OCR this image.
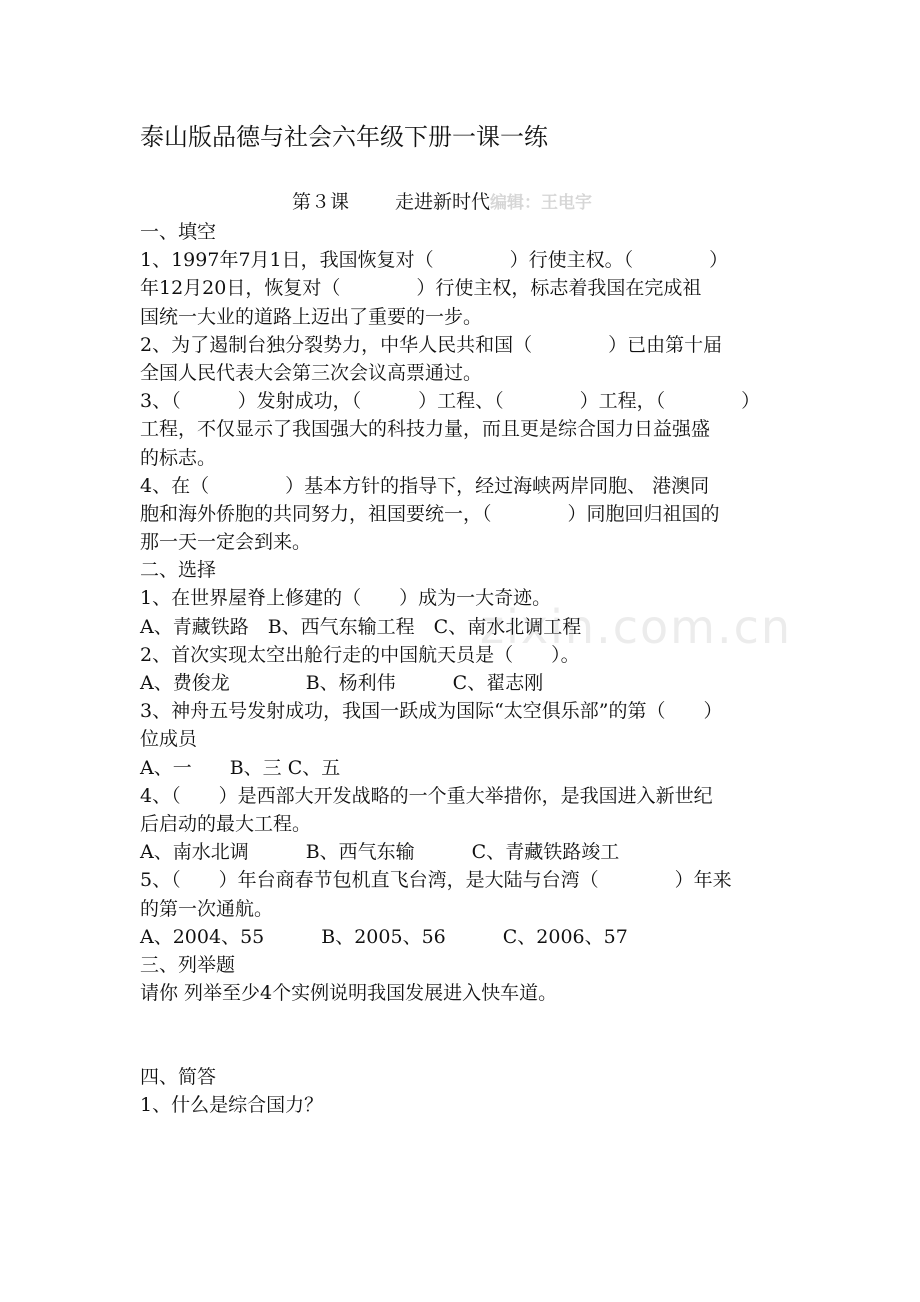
zixin.com.cn
泰山版品德与社会六年级下册一课一练
第３课 走进新时代编辑：王电宇
一、填空
1、1997年7月1日，我国恢复对（　　　　）行使主权。（　　　　）
年12月20日，恢复对（　　　　）行使主权，标志着我国在完成祖
国统一大业的道路上迈出了重要的一步。
2、为了遏制台独分裂势力，中华人民共和国（　　　　）已由第十届
全国人民代表大会第三次会议高票通过。
3、（　　　）发射成功，（　　　）工程、（　　　　）工程，（　　　　）
工程，不仅显示了我国强大的科技力量，而且更是综合国力日益强盛
的标志。
4、在（　　　　）基本方针的指导下，经过海峡两岸同胞、 港澳同
胞和海外侨胞的共同努力，祖国要统一，（　　　　）同胞回归祖国的
那一天一定会到来。
二、选择
1、在世界屋脊上修建的（　　）成为一大奇迹。
A、青藏铁路　B、西气东输工程　C、南水北调工程
2、首次实现太空出舱行走的中国航天员是（　　）。
A、费俊龙　　　　B、杨利伟　　　C、翟志刚
3、神舟五号发射成功，我国一跃成为国际“太空俱乐部”的第（　　）
位成员
A、一　　B、三 C、五
4、（　　）是西部大开发战略的一个重大举措你，是我国进入新世纪
后启动的最大工程。
A、南水北调　　　B、西气东输　　　C、青藏铁路竣工
5、（　　）年台商春节包机直飞台湾，是大陆与台湾（　　　　）年来
的第一次通航。
A、2004、55　　　B、2005、56　　　C、2006、57
三、列举题
请你 列举至少4个实例说明我国发展进入快车道。
四、简答
1、什么是综合国力？
